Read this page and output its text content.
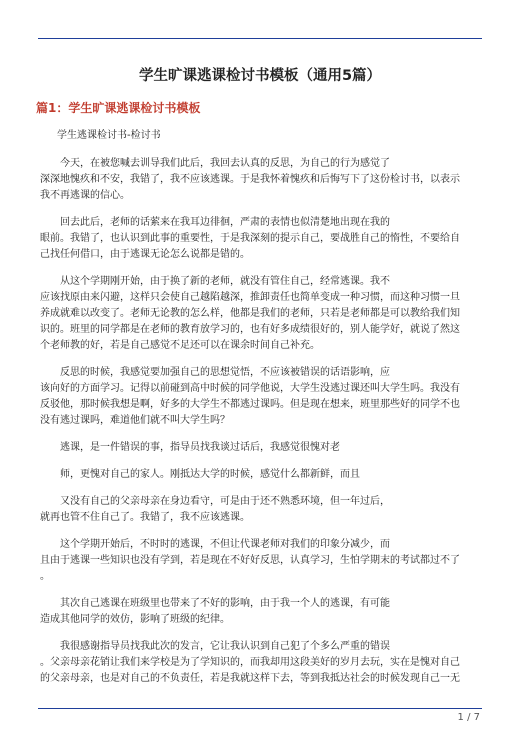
学生旷课逃课检讨书模板（通用5篇）
篇1：学生旷课逃课检讨书模板
学生逃课检讨书-检讨书

今天，在被您喊去训导我们此后，我回去认真的反思，为自己的行为感觉了
深深地愧疚和不安，我错了，我不应该逃课。于是我怀着愧疚和后悔写下了这份检讨书，以表示
我不再逃课的信心。

回去此后，老师的话萦来在我耳边徘徊，严肃的表情也似清楚地出现在我的
眼前。我错了，也认识到此事的重要性，于是我深刻的提示自己，要战胜自己的惰性，不要给自
己找任何借口，由于逃课无论怎么说都是错的。

从这个学期刚开始，由于换了新的老师，就没有管住自己，经常逃课。我不
应该找原由来闪避，这样只会使自己越陷越深，推卸责任也简单变成一种习惯，而这种习惯一旦
养成就难以改变了。老师无论教的怎么样，他都是我们的老师，只若是老师都是可以教给我们知
识的。班里的同学都是在老师的教育放学习的，也有好多成绩很好的，别人能学好，就说了然这
个老师教的好，若是自己感觉不足还可以在课余时间自己补充。

反思的时候，我感觉要加强自己的思想觉悟，不应该被错误的话语影响，应
该向好的方面学习。记得以前碰到高中时候的同学他说，大学生没逃过课还叫大学生吗。我没有
反驳他，那时候我想是啊，好多的大学生不都逃过课吗。但是现在想来，班里那些好的同学不也
没有逃过课吗，难道他们就不叫大学生吗？

逃课，是一件错误的事，指导员找我谈过话后，我感觉很愧对老

师，更愧对自己的家人。刚抵达大学的时候，感觉什么都新鲜，而且

又没有自己的父亲母亲在身边看守，可是由于还不熟悉环境，但一年过后，
就再也管不住自己了。我错了，我不应该逃课。

这个学期开始后，不时时的逃课，不但让代课老师对我们的印象分减少，而
且由于逃课一些知识也没有学到，若是现在不好好反思，认真学习，生怕学期末的考试都过不了
。

其次自己逃课在班级里也带来了不好的影响，由于我一个人的逃课，有可能
造成其他同学的效仿，影响了班级的纪律。

我很感谢指导员找我此次的发言，它让我认识到自己犯了个多么严重的错误
。父亲母亲花销让我们来学校是为了学知识的，而我却用这段美好的岁月去玩，实在是愧对自己
的父亲母亲，也是对自己的不负责任，若是我就这样下去，等到我抵达社会的时候发现自己一无

1 / 7
